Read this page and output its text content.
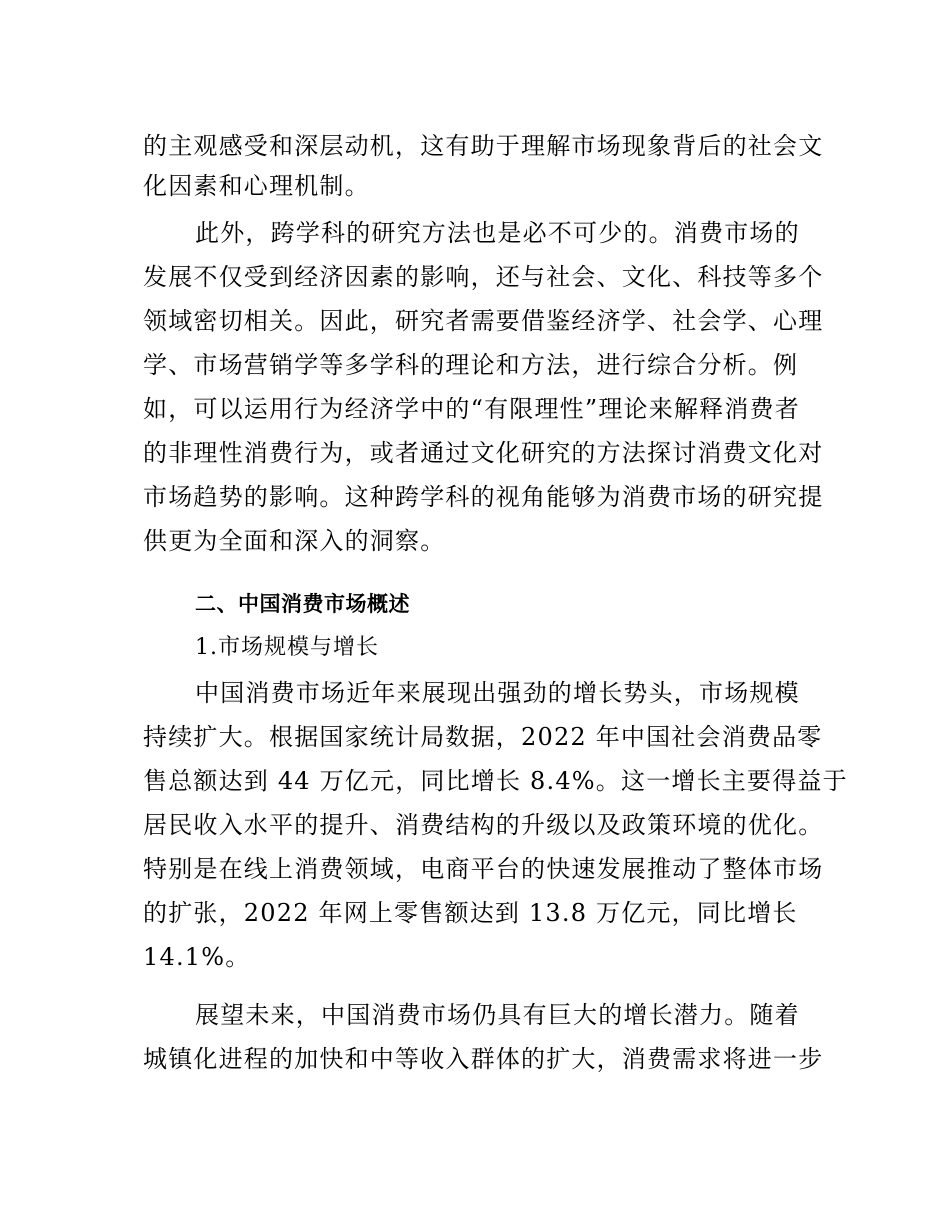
的主观感受和深层动机，这有助于理解市场现象背后的社会文
化因素和心理机制。
此外，跨学科的研究方法也是必不可少的。消费市场的
发展不仅受到经济因素的影响，还与社会、文化、科技等多个
领域密切相关。因此，研究者需要借鉴经济学、社会学、心理
学、市场营销学等多学科的理论和方法，进行综合分析。例
如，可以运用行为经济学中的“有限理性”理论来解释消费者
的非理性消费行为，或者通过文化研究的方法探讨消费文化对
市场趋势的影响。这种跨学科的视角能够为消费市场的研究提
供更为全面和深入的洞察。
二、中国消费市场概述
1.市场规模与增长
中国消费市场近年来展现出强劲的增长势头，市场规模
持续扩大。根据国家统计局数据，2022 年中国社会消费品零
售总额达到 44 万亿元，同比增长 8.4%。这一增长主要得益于
居民收入水平的提升、消费结构的升级以及政策环境的优化。
特别是在线上消费领域，电商平台的快速发展推动了整体市场
的扩张，2022 年网上零售额达到 13.8 万亿元，同比增长
14.1%。
展望未来，中国消费市场仍具有巨大的增长潜力。随着
城镇化进程的加快和中等收入群体的扩大，消费需求将进一步
